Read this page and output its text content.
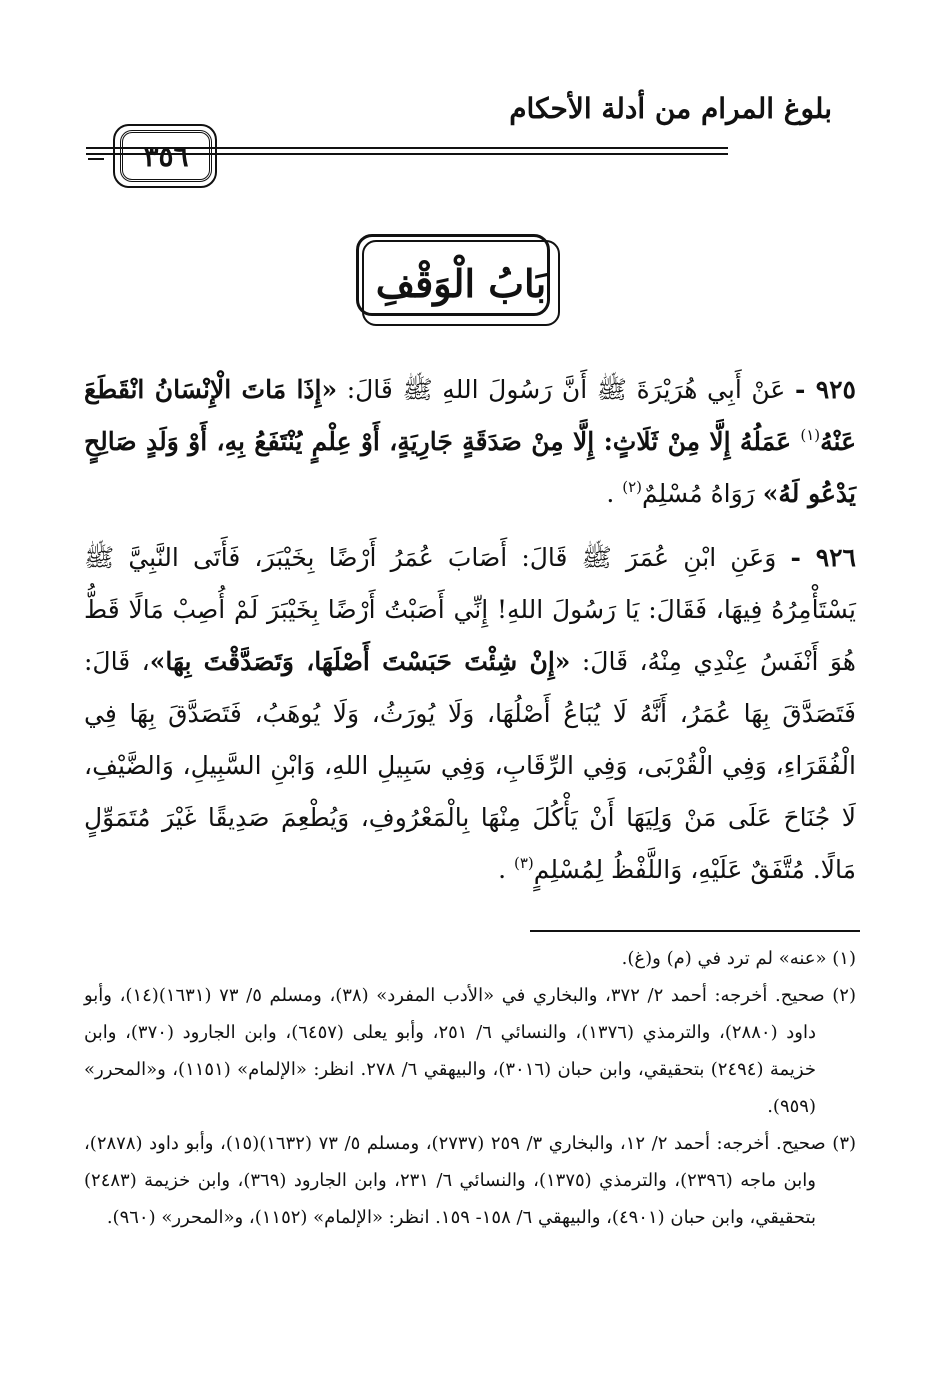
بلوغ المرام من أدلة الأحكام
٣٥٦
بَابُ الْوَقْفِ
٩٢٥ - عَنْ أَبِي هُرَيْرَةَ ﷺ أَنَّ رَسُولَ اللهِ ﷺ قَالَ: «إِذَا مَاتَ الْإِنْسَانُ انْقَطَعَ عَنْهُ$^{(١)}$ عَمَلُهُ إِلَّا مِنْ ثَلَاثٍ: إِلَّا مِنْ صَدَقَةٍ جَارِيَةٍ، أَوْ عِلْمٍ يُنْتَفَعُ بِهِ، أَوْ وَلَدٍ صَالِحٍ يَدْعُو لَهُ» رَوَاهُ مُسْلِمٌ$^{(٢)}$ .
٩٢٦ - وَعَنِ ابْنِ عُمَرَ ﷺ قَالَ: أَصَابَ عُمَرُ أَرْضًا بِخَيْبَرَ، فَأَتَى النَّبِيَّ ﷺ يَسْتَأْمِرُهُ فِيهَا، فَقَالَ: يَا رَسُولَ اللهِ! إِنِّي أَصَبْتُ أَرْضًا بِخَيْبَرَ لَمْ أُصِبْ مَالًا قَطُّ هُوَ أَنْفَسُ عِنْدِي مِنْهُ، قَالَ: «إِنْ شِئْتَ حَبَسْتَ أَصْلَهَا، وَتَصَدَّقْتَ بِهَا»، قَالَ: فَتَصَدَّقَ بِهَا عُمَرُ، أَنَّهُ لَا يُبَاعُ أَصْلُهَا، وَلَا يُورَثُ، وَلَا يُوهَبُ، فَتَصَدَّقَ بِهَا فِي الْفُقَرَاءِ، وَفِي الْقُرْبَى، وَفِي الرِّقَابِ، وَفِي سَبِيلِ اللهِ، وَابْنِ السَّبِيلِ، وَالضَّيْفِ، لَا جُنَاحَ عَلَى مَنْ وَلِيَهَا أَنْ يَأْكُلَ مِنْهَا بِالْمَعْرُوفِ، وَيُطْعِمَ صَدِيقًا غَيْرَ مُتَمَوِّلٍ مَالًا. مُتَّفَقٌ عَلَيْهِ، وَاللَّفْظُ لِمُسْلِمٍ$^{(٣)}$ .

(١) «عنه» لم ترد في (م) و(غ).

(٢) صحيح. أخرجه: أحمد ٢/ ٣٧٢، والبخاري في «الأدب المفرد» (٣٨)، ومسلم ٥/ ٧٣ (١٦٣١)(١٤)، وأبو داود (٢٨٨٠)، والترمذي (١٣٧٦)، والنسائي ٦/ ٢٥١، وأبو يعلى (٦٤٥٧)، وابن الجارود (٣٧٠)، وابن خزيمة (٢٤٩٤) بتحقيقي، وابن حبان (٣٠١٦)، والبيهقي ٦/ ٢٧٨. انظر: «الإلمام» (١١٥١)، و«المحرر» (٩٥٩).

(٣) صحيح. أخرجه: أحمد ٢/ ١٢، والبخاري ٣/ ٢٥٩ (٢٧٣٧)، ومسلم ٥/ ٧٣ (١٦٣٢)(١٥)، وأبو داود (٢٨٧٨)، وابن ماجه (٢٣٩٦)، والترمذي (١٣٧٥)، والنسائي ٦/ ٢٣١، وابن الجارود (٣٦٩)، وابن خزيمة (٢٤٨٣) بتحقيقي، وابن حبان (٤٩٠١)، والبيهقي ٦/ ١٥٨- ١٥٩. انظر: «الإلمام» (١١٥٢)، و«المحرر» (٩٦٠).
